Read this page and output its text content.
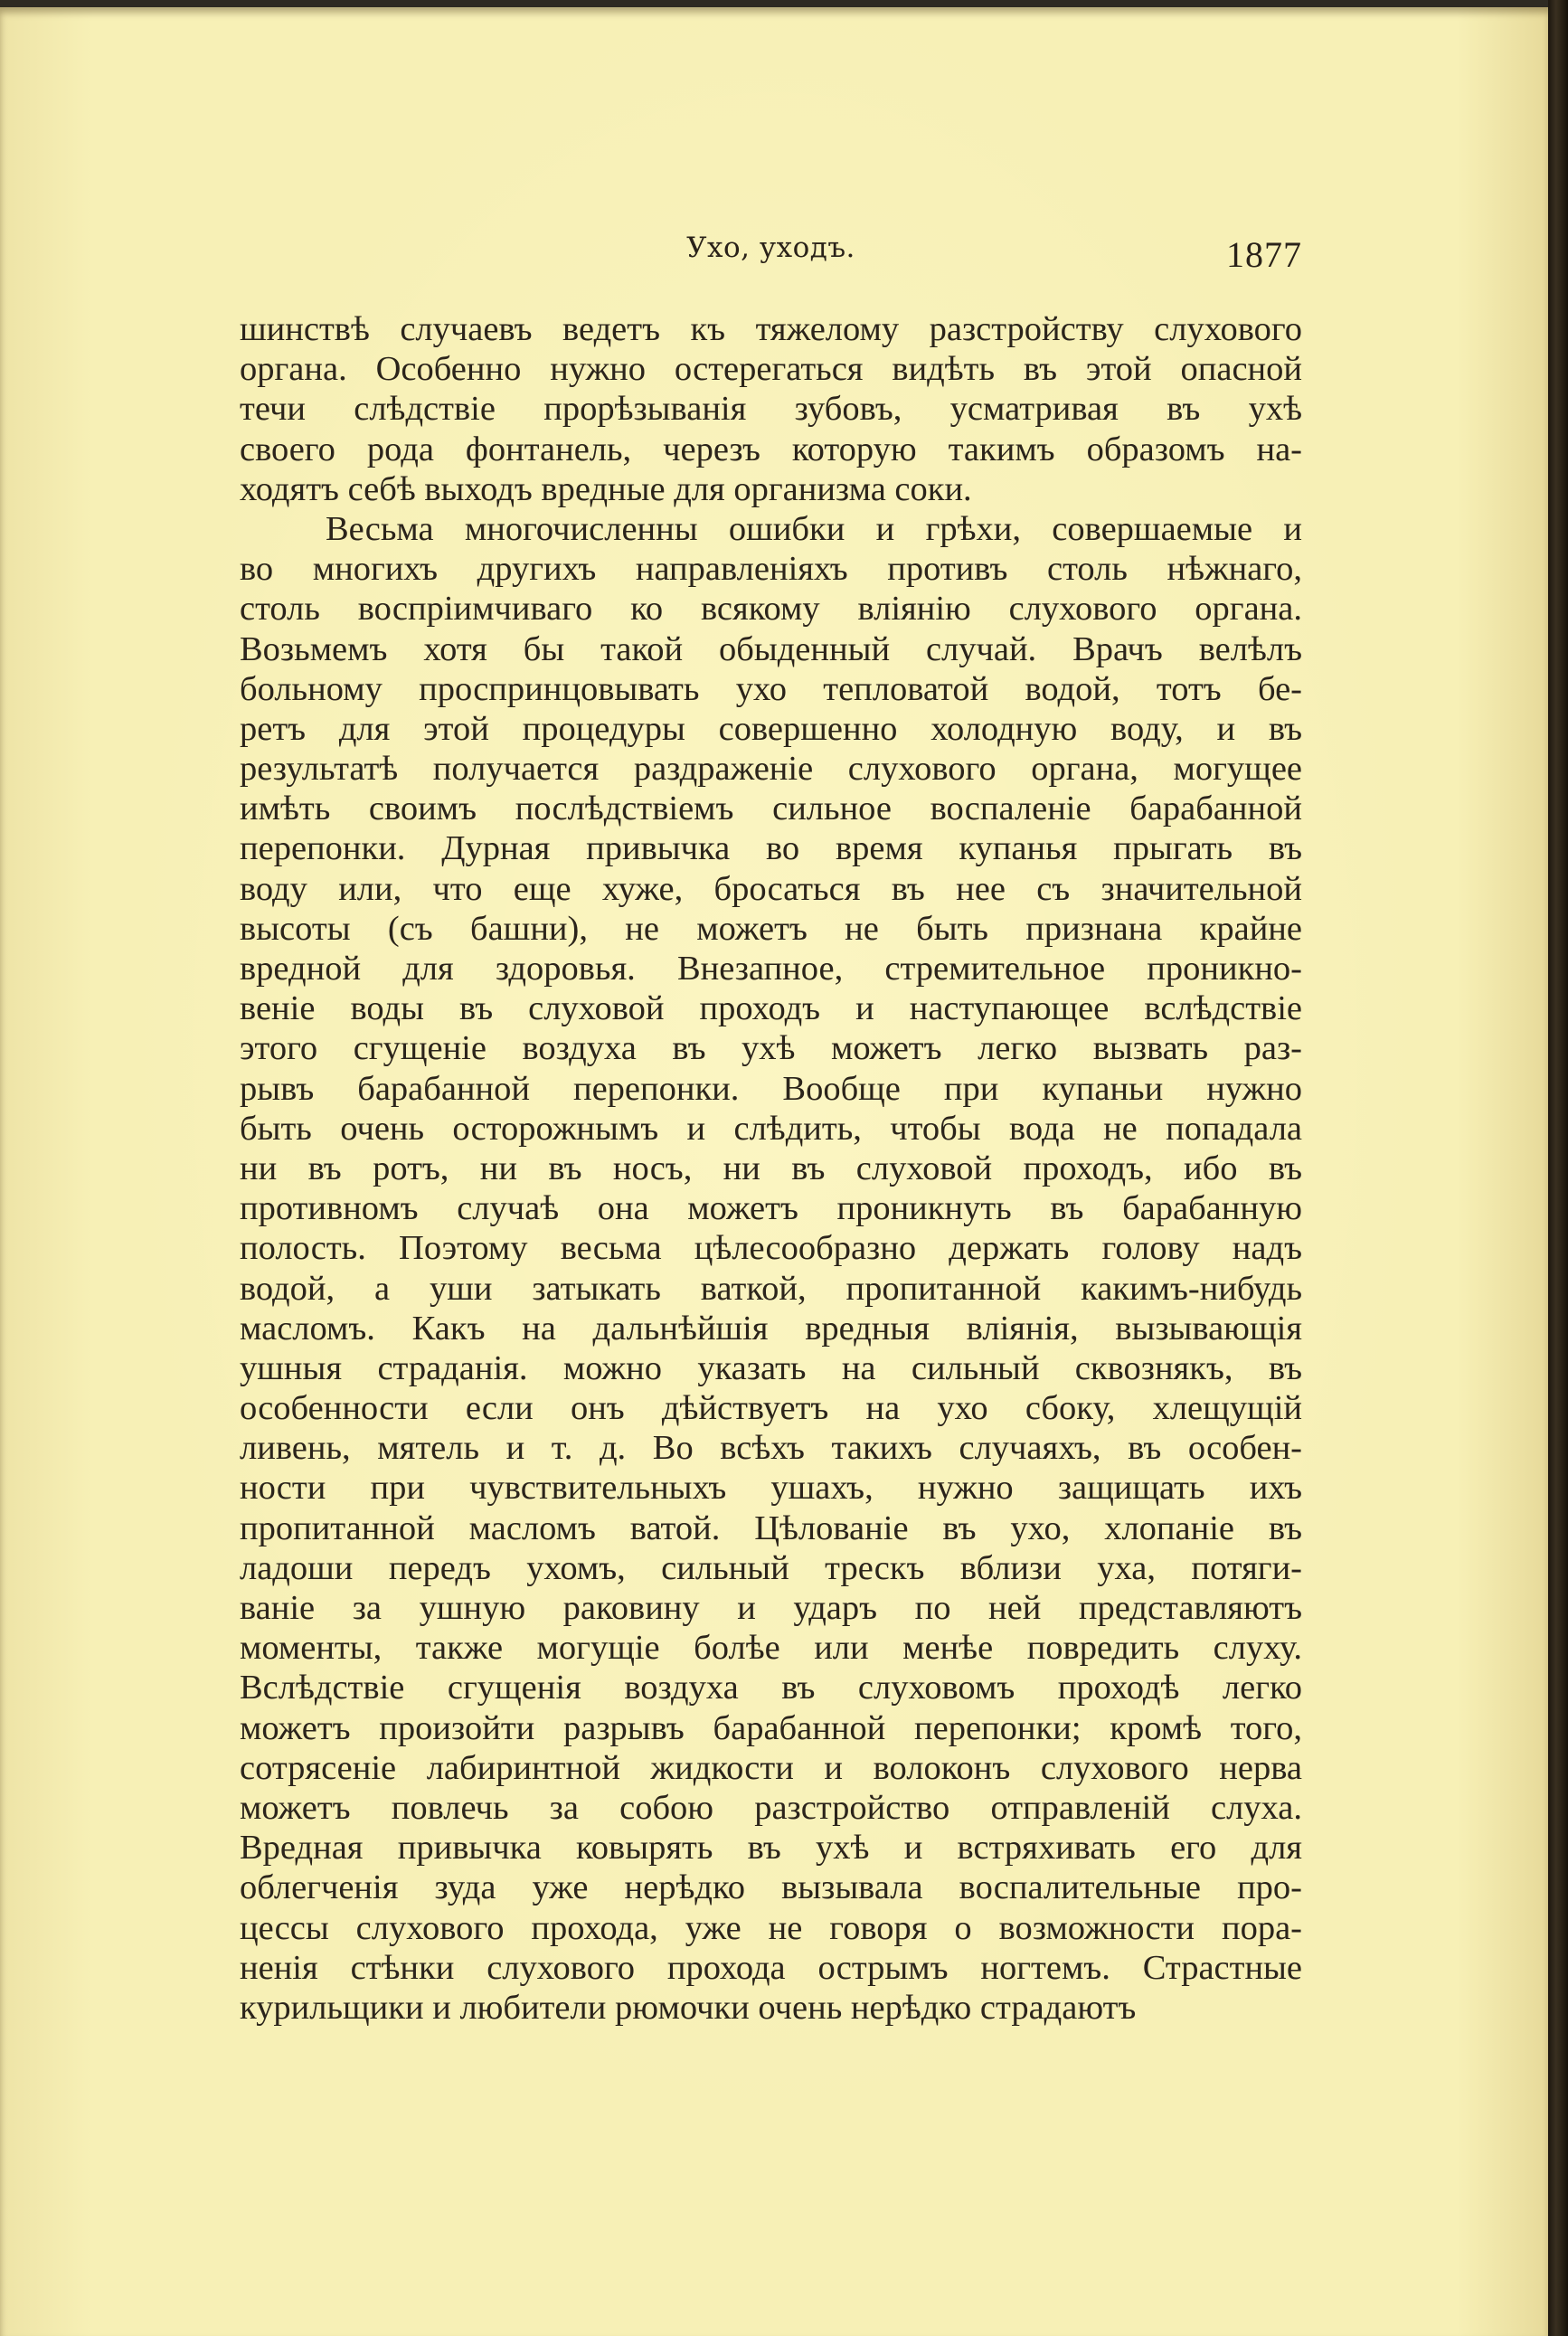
Ухо, уходъ.	1877

шинствѣ случаевъ ведетъ къ тяжелому разстройству слухового
органа. Особенно нужно остерегаться видѣть въ этой опасной
течи слѣдствіе прорѣзыванія зубовъ, усматривая въ ухѣ
своего рода фонтанель, черезъ которую такимъ образомъ на-
ходятъ себѣ выходъ вредные для организма соки.

Весьма многочисленны ошибки и грѣхи, совершаемые и
во многихъ другихъ направленіяхъ противъ столь нѣжнаго,
столь воспріимчиваго ко всякому вліянію слухового органа.
Возьмемъ хотя бы такой обыденный случай. Врачъ велѣлъ
больному проспринцовывать ухо тепловатой водой, тотъ бе-
ретъ для этой процедуры совершенно холодную воду, и въ
результатѣ получается раздраженіе слухового органа, могущее
имѣть своимъ послѣдствіемъ сильное воспаленіе барабанной
перепонки. Дурная привычка во время купанья прыгать въ
воду или, что еще хуже, бросаться въ нее съ значительной
высоты (съ башни), не можетъ не быть признана крайне
вредной для здоровья. Внезапное, стремительное проникно-
веніе воды въ слуховой проходъ и наступающее вслѣдствіе
этого сгущеніе воздуха въ ухѣ можетъ легко вызвать раз-
рывъ барабанной перепонки. Вообще при купаньи нужно
быть очень осторожнымъ и слѣдить, чтобы вода не попадала
ни въ ротъ, ни въ носъ, ни въ слуховой проходъ, ибо въ
противномъ случаѣ она можетъ проникнуть въ барабанную
полость. Поэтому весьма цѣлесообразно держать голову надъ
водой, а уши затыкать ваткой, пропитанной какимъ-нибудь
масломъ. Какъ на дальнѣйшія вредныя вліянія, вызывающія
ушныя страданія. можно указать на сильный сквознякъ, въ
особенности если онъ дѣйствуетъ на ухо сбоку, хлещущій
ливень, мятель и т. д. Во всѣхъ такихъ случаяхъ, въ особен-
ности при чувствительныхъ ушахъ, нужно защищать ихъ
пропитанной масломъ ватой. Цѣлованіе въ ухо, хлопаніе въ
ладоши передъ ухомъ, сильный трескъ вблизи уха, потяги-
ваніе за ушную раковину и ударъ по ней представляютъ
моменты, также могущіе болѣе или менѣе повредить слуху.
Вслѣдствіе сгущенія воздуха въ слуховомъ проходѣ легко
можетъ произойти разрывъ барабанной перепонки; кромѣ того,
сотрясеніе лабиринтной жидкости и волоконъ слухового нерва
можетъ повлечь за собою разстройство отправленій слуха.
Вредная привычка ковырять въ ухѣ и встряхивать его для
облегченія зуда уже нерѣдко вызывала воспалительные про-
цессы слухового прохода, уже не говоря о возможности пора-
ненія стѣнки слухового прохода острымъ ногтемъ. Страстные
курильщики и любители рюмочки очень нерѣдко страдаютъ
